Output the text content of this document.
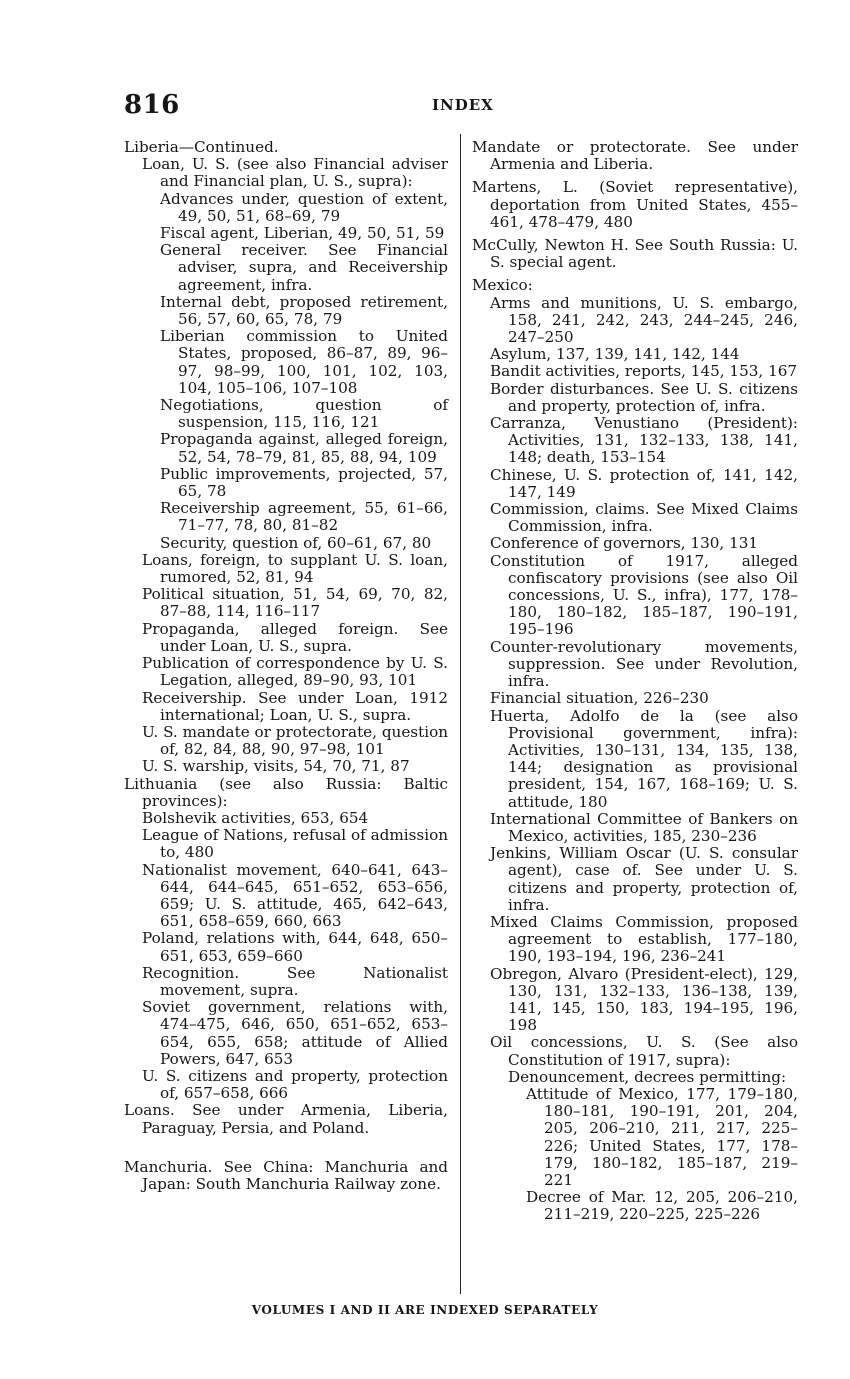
816	INDEX
Liberia—Continued.
Loan, U. S. (see also Financial adviser and Financial plan, U. S., supra):
Advances under, question of extent, 49, 50, 51, 68–69, 79
Fiscal agent, Liberian, 49, 50, 51, 59
General receiver. See Financial adviser, supra, and Receivership agreement, infra.
Internal debt, proposed retirement, 56, 57, 60, 65, 78, 79
Liberian commission to United States, proposed, 86–87, 89, 96–97, 98–99, 100, 101, 102, 103, 104, 105–106, 107–108
Negotiations, question of suspension, 115, 116, 121
Propaganda against, alleged foreign, 52, 54, 78–79, 81, 85, 88, 94, 109
Public improvements, projected, 57, 65, 78
Receivership agreement, 55, 61–66, 71–77, 78, 80, 81–82
Security, question of, 60–61, 67, 80
Loans, foreign, to supplant U. S. loan, rumored, 52, 81, 94
Political situation, 51, 54, 69, 70, 82, 87–88, 114, 116–117
Propaganda, alleged foreign. See under Loan, U. S., supra.
Publication of correspondence by U. S. Legation, alleged, 89–90, 93, 101
Receivership. See under Loan, 1912 international; Loan, U. S., supra.
U. S. mandate or protectorate, question of, 82, 84, 88, 90, 97–98, 101
U. S. warship, visits, 54, 70, 71, 87
Lithuania (see also Russia: Baltic provinces):
Bolshevik activities, 653, 654
League of Nations, refusal of admission to, 480
Nationalist movement, 640–641, 643–644, 644–645, 651–652, 653–656, 659; U. S. attitude, 465, 642–643, 651, 658–659, 660, 663
Poland, relations with, 644, 648, 650–651, 653, 659–660
Recognition. See Nationalist movement, supra.
Soviet government, relations with, 474–475, 646, 650, 651–652, 653–654, 655, 658; attitude of Allied Powers, 647, 653
U. S. citizens and property, protection of, 657–658, 666
Loans. See under Armenia, Liberia, Paraguay, Persia, and Poland.
Manchuria. See China: Manchuria and Japan: South Manchuria Railway zone.
Mandate or protectorate. See under Armenia and Liberia.
Martens, L. (Soviet representative), deportation from United States, 455–461, 478–479, 480
McCully, Newton H. See South Russia: U. S. special agent.
Mexico:
Arms and munitions, U. S. embargo, 158, 241, 242, 243, 244–245, 246, 247–250
Asylum, 137, 139, 141, 142, 144
Bandit activities, reports, 145, 153, 167
Border disturbances. See U. S. citizens and property, protection of, infra.
Carranza, Venustiano (President): Activities, 131, 132–133, 138, 141, 148; death, 153–154
Chinese, U. S. protection of, 141, 142, 147, 149
Commission, claims. See Mixed Claims Commission, infra.
Conference of governors, 130, 131
Constitution of 1917, alleged confiscatory provisions (see also Oil concessions, U. S., infra), 177, 178–180, 180–182, 185–187, 190–191, 195–196
Counter-revolutionary movements, suppression. See under Revolution, infra.
Financial situation, 226–230
Huerta, Adolfo de la (see also Provisional government, infra): Activities, 130–131, 134, 135, 138, 144; designation as provisional president, 154, 167, 168–169; U. S. attitude, 180
International Committee of Bankers on Mexico, activities, 185, 230–236
Jenkins, William Oscar (U. S. consular agent), case of. See under U. S. citizens and property, protection of, infra.
Mixed Claims Commission, proposed agreement to establish, 177–180, 190, 193–194, 196, 236–241
Obregon, Alvaro (President-elect), 129, 130, 131, 132–133, 136–138, 139, 141, 145, 150, 183, 194–195, 196, 198
Oil concessions, U. S. (See also Constitution of 1917, supra):
Denouncement, decrees permitting:
Attitude of Mexico, 177, 179–180, 180–181, 190–191, 201, 204, 205, 206–210, 211, 217, 225–226; United States, 177, 178–179, 180–182, 185–187, 219–221
Decree of Mar. 12, 205, 206–210, 211–219, 220–225, 225–226
VOLUMES I AND II ARE INDEXED SEPARATELY
